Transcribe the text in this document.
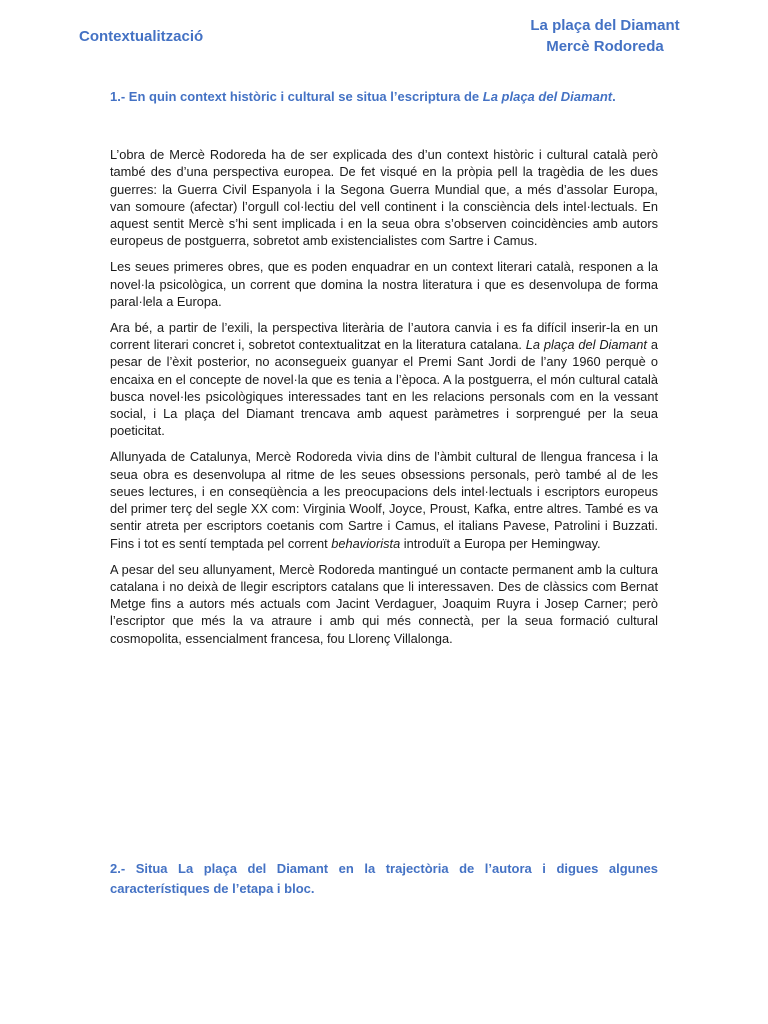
Contextualització
La plaça del Diamant
Mercè Rodoreda
1.- En quin context històric i cultural se situa l’escriptura de La plaça del Diamant.

L’obra de Mercè Rodoreda ha de ser explicada des d’un context històric i cultural català però també des d’una perspectiva europea. De fet visqué en la pròpia pell la tragèdia de les dues guerres: la Guerra Civil Espanyola i la Segona Guerra Mundial que, a més d’assolar Europa, van somoure (afectar) l’orgull col·lectiu del vell continent i la consciència dels intel·lectuals. En aquest sentit Mercè s’hi sent implicada i en la seua obra s’observen coincidències amb autors europeus de postguerra, sobretot amb existencialistes com Sartre i Camus.

Les seues primeres obres, que es poden enquadrar en un context literari català, responen a la novel·la psicològica, un corrent que domina la nostra literatura i que es desenvolupa de forma paral·lela a Europa.

Ara bé, a partir de l’exili, la perspectiva literària de l’autora canvia i es fa difícil inserir-la en un corrent literari concret i, sobretot contextualitzat en la literatura catalana. La plaça del Diamant a pesar de l’èxit posterior, no aconsegueix guanyar el Premi Sant Jordi de l’any 1960 perquè o encaixa en el concepte de novel·la que es tenia a l’època. A la postguerra, el món cultural català busca novel·les psicològiques interessades tant en les relacions personals com en la vessant social, i La plaça del Diamant trencava amb aquest paràmetres i sorprengué per la seua poeticitat.

Allunyada de Catalunya, Mercè Rodoreda vivia dins de l’àmbit cultural de llengua francesa i la seua obra es desenvolupa al ritme de les seues obsessions personals, però també al de les seues lectures, i en conseqüència a les preocupacions dels intel·lectuals i escriptors europeus del primer terç del segle XX com: Virginia Woolf, Joyce, Proust, Kafka, entre altres. També es va sentir atreta per escriptors coetanis com Sartre i Camus, el italians Pavese, Patrolini i Buzzati. Fins i tot es sentí temptada pel corrent behaviorista introduït a Europa per Hemingway.

A pesar del seu allunyament, Mercè Rodoreda mantingué un contacte permanent amb la cultura catalana i no deixà de llegir escriptors catalans que li interessaven. Des de clàssics com Bernat Metge fins a autors més actuals com Jacint Verdaguer, Joaquim Ruyra i Josep Carner; però l’escriptor que més la va atraure i amb qui més connectà, per la seua formació cultural cosmopolita, essencialment francesa, fou Llorenç Villalonga.

2.- Situa La plaça del Diamant en la trajectòria de l’autora i digues algunes característiques de l’etapa i bloc.
